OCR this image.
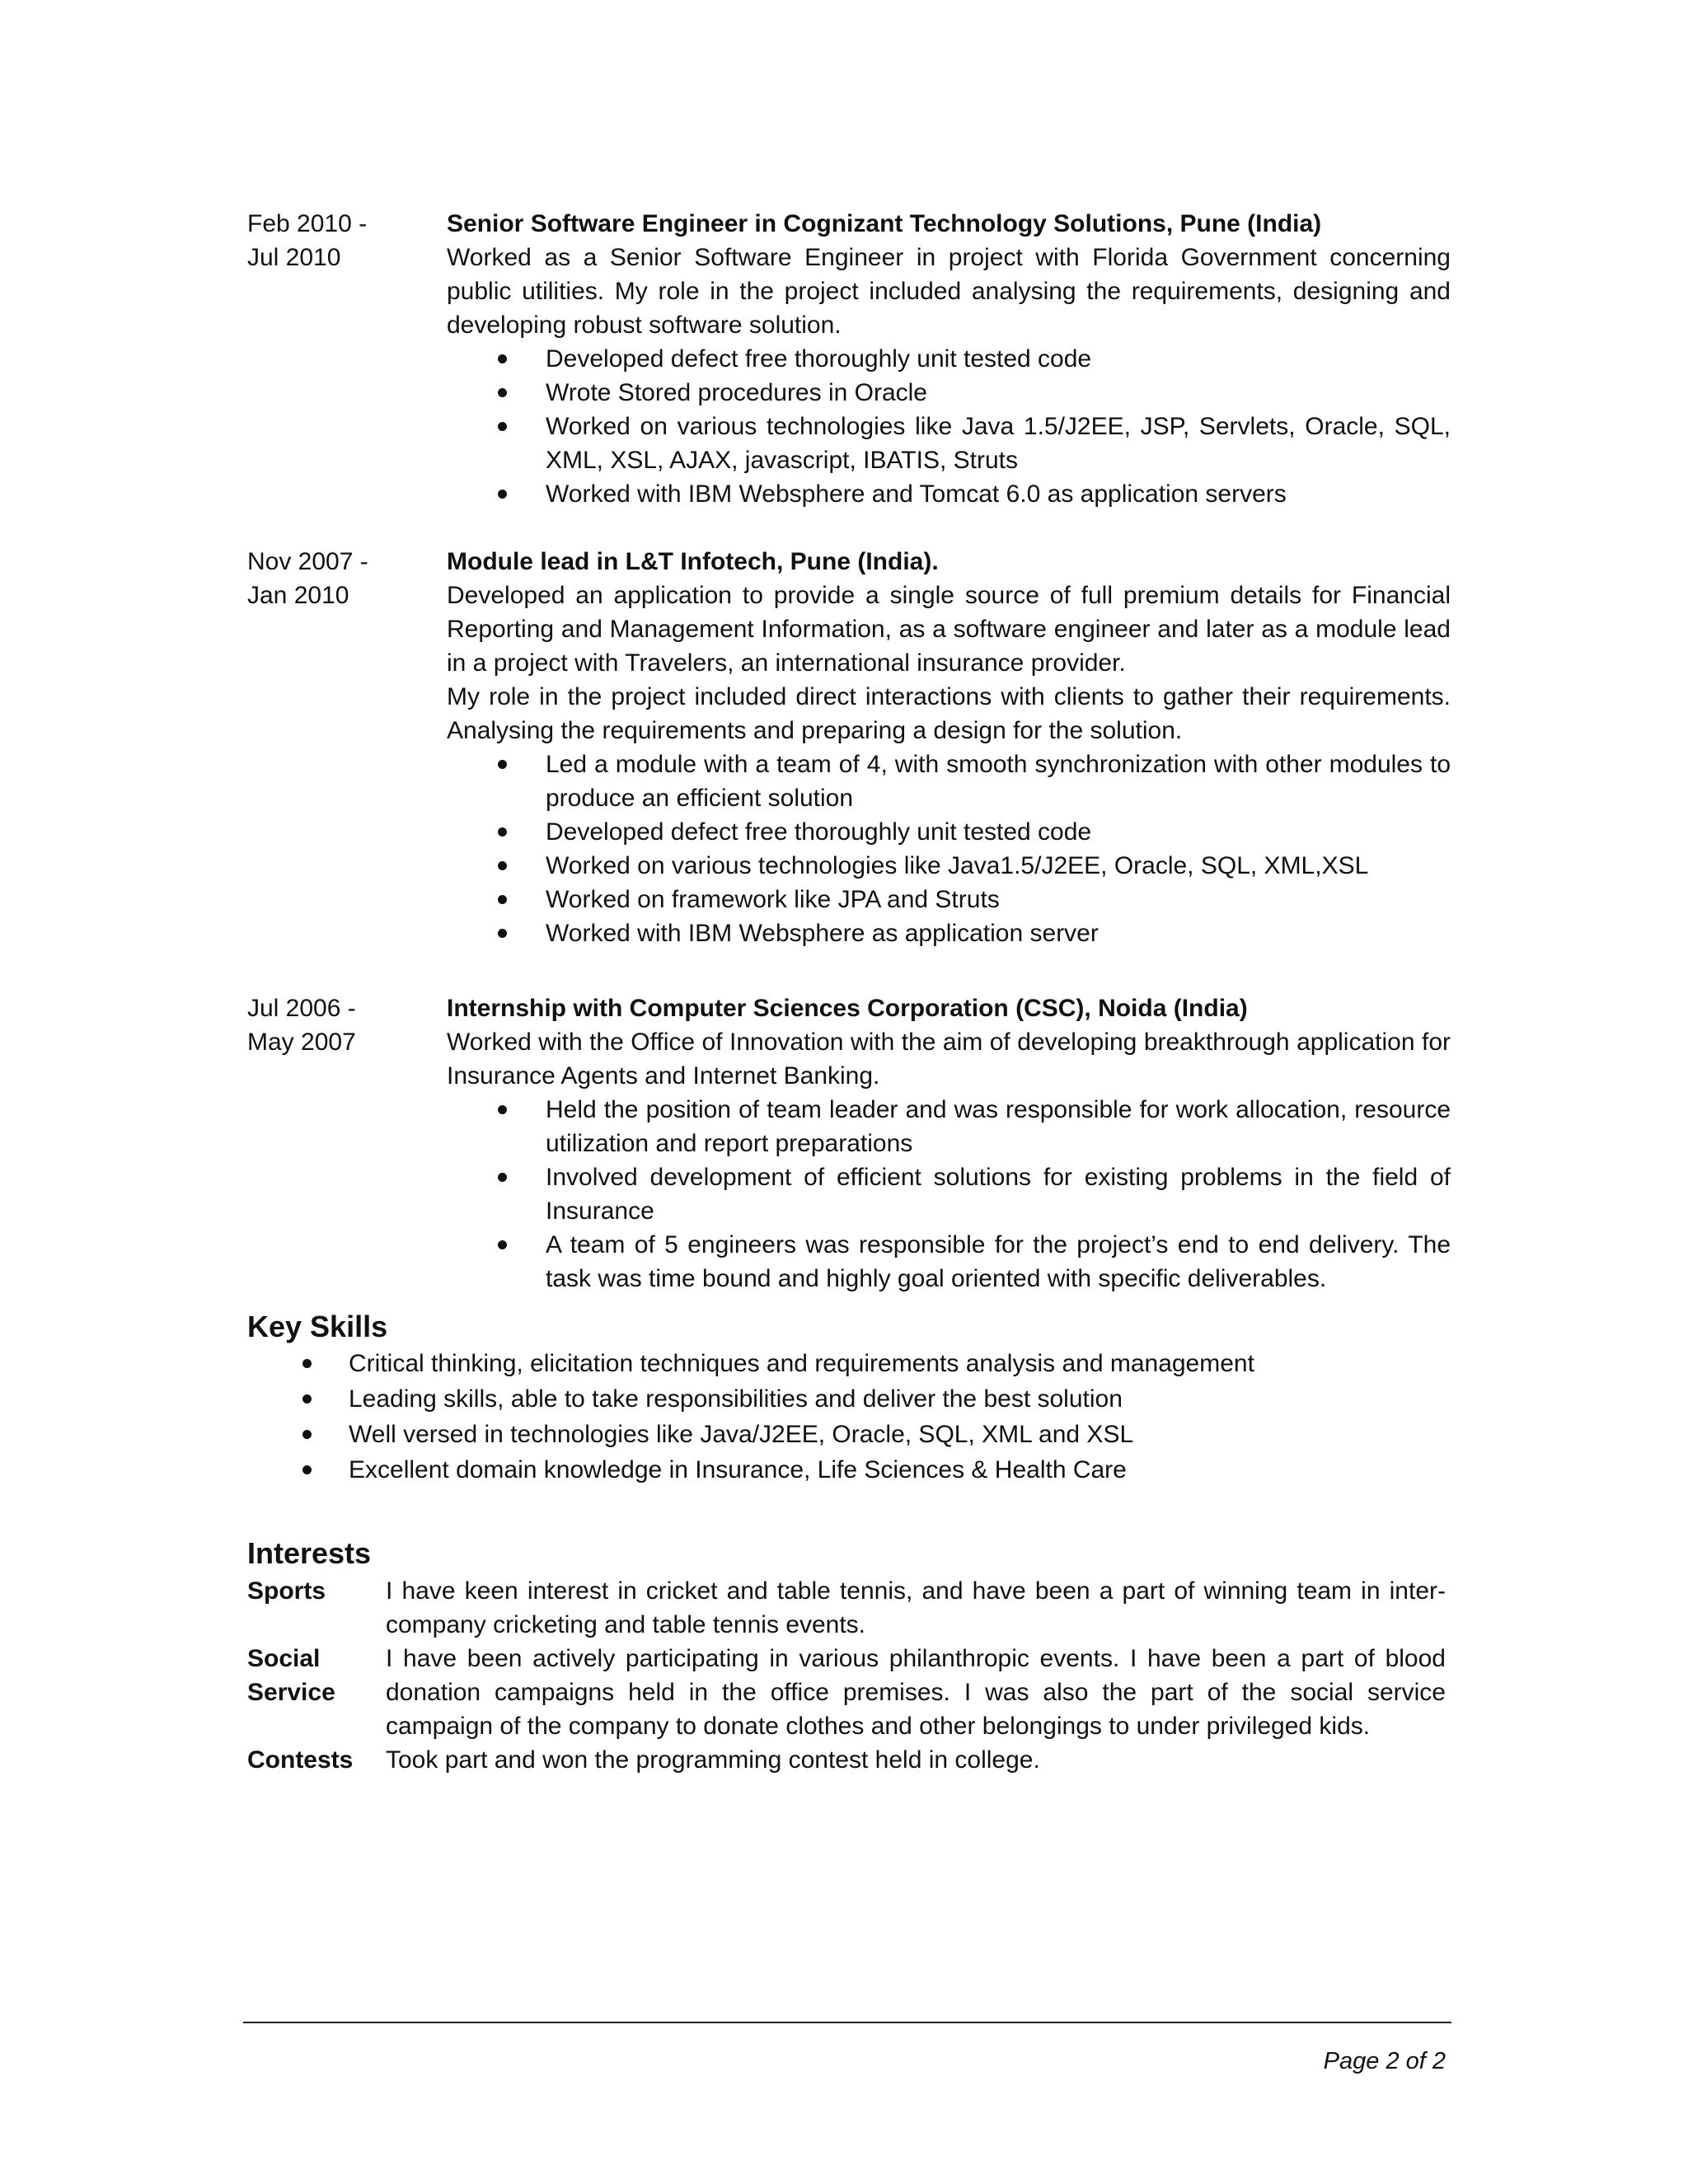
Feb 2010 -
Jul 2010
Senior Software Engineer in Cognizant Technology Solutions, Pune (India)
Worked as a Senior Software Engineer in project with Florida Government concerning public utilities. My role in the project included analysing the requirements, designing and developing robust software solution.
Developed defect free thoroughly unit tested code
Wrote Stored procedures in Oracle
Worked on various technologies like Java 1.5/J2EE, JSP, Servlets, Oracle, SQL, XML, XSL, AJAX, javascript, IBATIS, Struts
Worked with IBM Websphere and Tomcat 6.0 as application servers
Nov 2007 -
Jan 2010
Module lead in L&T Infotech, Pune (India).
Developed an application to provide a single source of full premium details for Financial Reporting and Management Information, as a software engineer and later as a module lead in a project with Travelers, an international insurance provider.
My role in the project included direct interactions with clients to gather their requirements. Analysing the requirements and preparing a design for the solution.
Led a module with a team of 4, with smooth synchronization with other modules to produce an efficient solution
Developed defect free thoroughly unit tested code
Worked on various technologies like Java1.5/J2EE, Oracle, SQL, XML,XSL
Worked on framework like JPA and Struts
Worked with IBM Websphere as application server
Jul 2006 -
May 2007
Internship with Computer Sciences Corporation (CSC), Noida (India)
Worked with the Office of Innovation with the aim of developing breakthrough application for Insurance Agents and Internet Banking.
Held the position of team leader and was responsible for work allocation, resource utilization and report preparations
Involved development of efficient solutions for existing problems in the field of Insurance
A team of 5 engineers was responsible for the project’s end to end delivery. The task was time bound and highly goal oriented with specific deliverables.
Key Skills
Critical thinking, elicitation techniques and requirements analysis and management
Leading skills, able to take responsibilities and deliver the best solution
Well versed in technologies like Java/J2EE, Oracle, SQL, XML and XSL
Excellent domain knowledge in Insurance, Life Sciences & Health Care
Interests
Sports	I have keen interest in cricket and table tennis, and have been a part of winning team in inter-company cricketing and table tennis events.
Social Service
I have been actively participating in various philanthropic events. I have been a part of blood donation campaigns held in the office premises. I was also the part of the social service campaign of the company to donate clothes and other belongings to under privileged kids.
Contests	Took part and won the programming contest held in college.
Page 2 of 2
